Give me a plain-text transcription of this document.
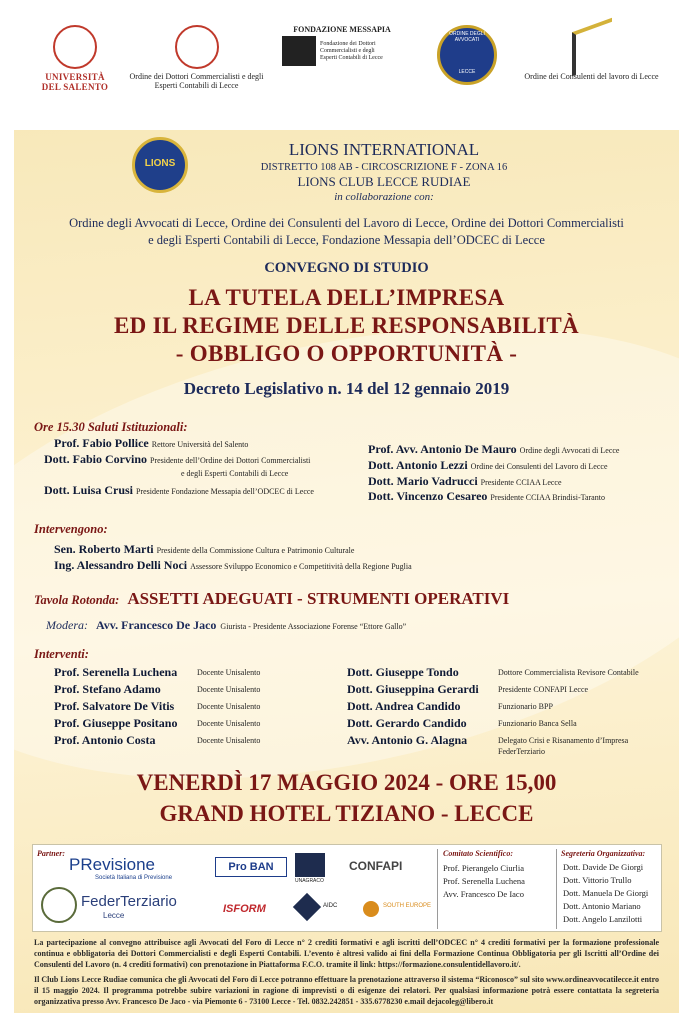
UNIVERSITÀ DEL SALENTO
Ordine dei Dottori Commercialisti e degli Esperti Contabili di Lecce
FONDAZIONE MESSAPIA
Fondazione dei Dottori Commercialisti e degli Esperti Contabili di Lecce
ORDINE DEGLI AVVOCATI
LECCE	Ordine dei Consulenti del lavoro di Lecce
LIONS
LIONS INTERNATIONAL
DISTRETTO 108 AB - CIRCOSCRIZIONE F - ZONA 16
LIONS CLUB LECCE RUDIAE
in collaborazione con:
Ordine degli Avvocati di Lecce, Ordine dei Consulenti del Lavoro di Lecce, Ordine dei Dottori Commercialisti
e degli Esperti Contabili di Lecce, Fondazione Messapia dell’ODCEC di Lecce
CONVEGNO DI STUDIO
LA TUTELA DELL’IMPRESA
ED IL REGIME DELLE RESPONSABILITÀ
- OBBLIGO O OPPORTUNITÀ -
Decreto Legislativo n. 14 del 12 gennaio 2019
Ore 15.30 Saluti Istituzionali:
Prof. Fabio Pollice Rettore Università del Salento
Dott. Fabio Corvino Presidente dell’Ordine dei Dottori Commercialisti
e degli Esperti Contabili di Lecce
Dott. Luisa Crusi Presidente Fondazione Messapia dell’ODCEC di Lecce
Prof. Avv. Antonio De Mauro Ordine degli Avvocati di Lecce
Dott. Antonio Lezzi Ordine dei Consulenti del Lavoro di Lecce
Dott. Mario Vadrucci Presidente CCIAA Lecce
Dott. Vincenzo Cesareo Presidente CCIAA Brindisi-Taranto
Intervengono:
Sen. Roberto Marti Presidente della Commissione Cultura e Patrimonio Culturale
Ing. Alessandro Delli Noci Assessore Sviluppo Economico e Competitività della Regione Puglia
Tavola Rotonda: ASSETTI ADEGUATI - STRUMENTI OPERATIVI
Modera: Avv. Francesco De Jaco Giurista - Presidente Associazione Forense “Ettore Gallo”
Interventi:
Prof. Serenella Luchena Docente Unisalento
Prof. Stefano Adamo	Docente Unisalento
Prof. Salvatore De Vitis	Docente Unisalento
Prof. Giuseppe Positano Docente Unisalento
Prof. Antonio Costa	Docente Unisalento
Dott. Giuseppe Tondo	Dottore Commercialista Revisore Contabile
Dott. Giuseppina Gerardi Presidente CONFAPI Lecce
Dott. Andrea Candido	Funzionario BPP
Dott. Gerardo Candido	Funzionario Banca Sella
Avv. Antonio G. Alagna	Delegato Crisi e Risanamento d’Impresa
FederTerziario
VENERDÌ 17 MAGGIO 2024 - ORE 15,00
GRAND HOTEL TIZIANO - LECCE
Partner:
PRevisione
Società Italiana di Previsione
FederTerziario
Lecce
Pro BAN
UNAGRACO
CONFAPI
ISFORM	AIDC	SOUTH EUROPE
Comitato Scientifico:
Prof. Pierangelo Ciurlia
Prof. Serenella Luchena
Avv. Francesco De Iaco
Segreteria Organizzativa:
Dott. Davide De Giorgi
Dott. Vittorio Trullo
Dott. Manuela De Giorgi
Dott. Antonio Mariano
Dott. Angelo Lanzilotti
La partecipazione al convegno attribuisce agli Avvocati del Foro di Lecce n° 2 crediti formativi e agli iscritti dell’ODCEC n° 4 crediti formativi per la formazione professionale continua e obbligatoria dei Dottori Commercialisti e degli Esperti Contabili. L’evento è altresì valido ai fini della Formazione Continua Obbligatoria per gli Iscritti all’Ordine dei Consulenti del Lavoro (n. 4 crediti formativi) con prenotazione in Piattaforma F.C.O. tramite il link: https://formazione.consulentidellavoro.it/.
Il Club Lions Lecce Rudiae comunica che gli Avvocati del Foro di Lecce potranno effettuare la prenotazione attraverso il sistema “Riconosco” sul sito www.ordineavvocatilecce.it entro il 15 maggio 2024. Il programma potrebbe subire variazioni in ragione di imprevisti o di esigenze dei relatori. Per qualsiasi informazione potrà essere contattata la segreteria organizzativa presso Avv. Francesco De Jaco - via Piemonte 6 - 73100 Lecce - Tel. 0832.242851 - 335.6778230 e.mail dejacoleg@libero.it
